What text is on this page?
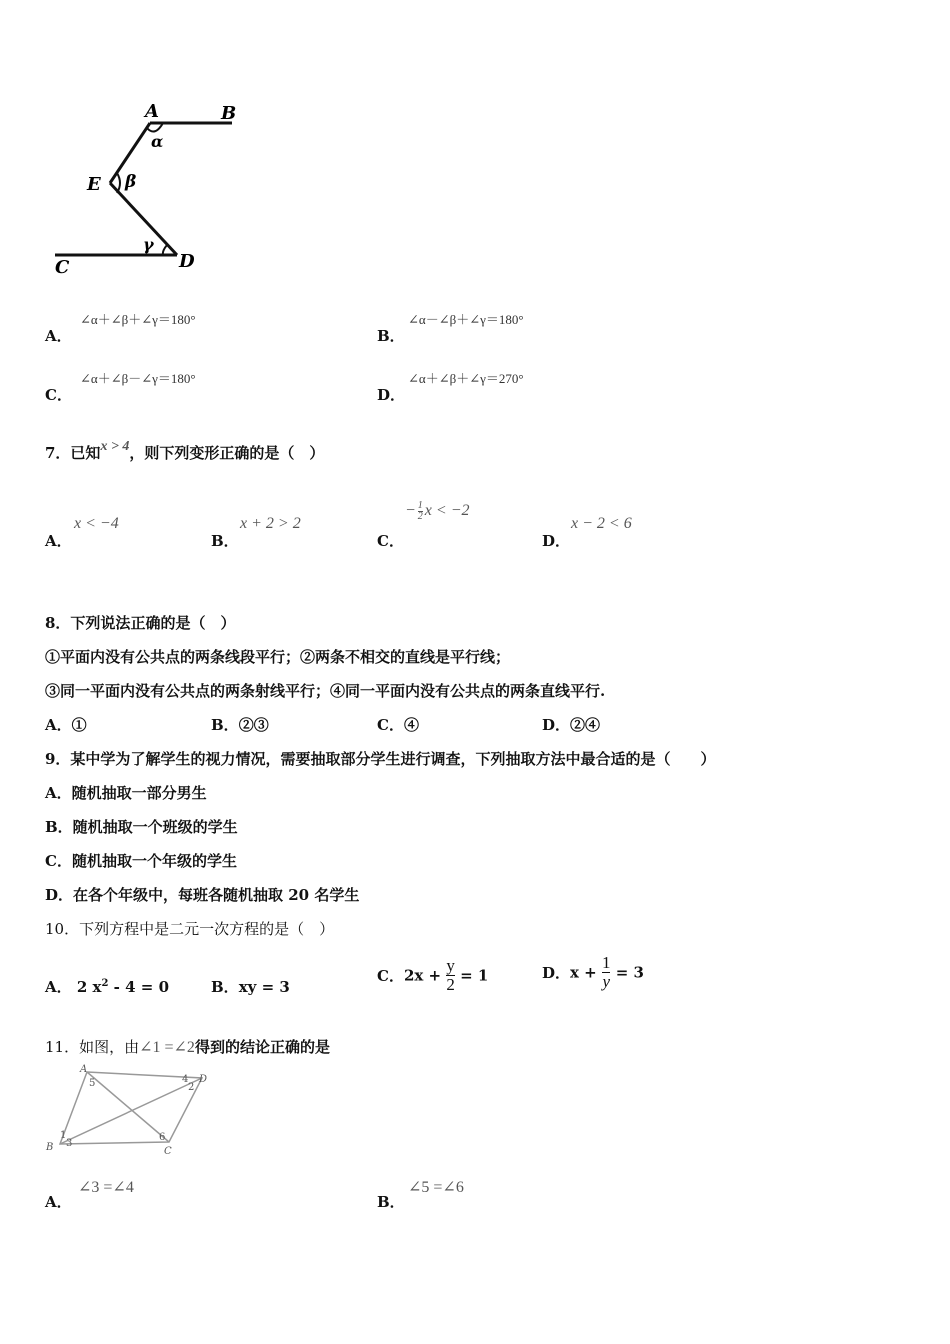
A	B
α
E β
γ
C	D
A．
∠α＋∠β＋∠γ＝180°
B．
∠α－∠β＋∠γ＝180°
C．
∠α＋∠β－∠γ＝180°
D．
∠α＋∠β＋∠γ＝270°
7．已知x > 4，则下列变形正确的是（　）
A．
x < −4
B．
x + 2 > 2
C．
− $\frac{1}{2}$ x < −2
D．
x − 2 < 6
8．下列说法正确的是（　）
①平面内没有公共点的两条线段平行；②两条不相交的直线是平行线；
③同一平面内没有公共点的两条射线平行；④同一平面内没有公共点的两条直线平行.
A．①	B．②③	C．④	D．②④
9．某中学为了解学生的视力情况，需要抽取部分学生进行调查，下列抽取方法中最合适的是（　　）
A．随机抽取一部分男生
B．随机抽取一个班级的学生
C．随机抽取一个年级的学生
D．在各个年级中，每班各随机抽取 20 名学生
10．下列方程中是二元一次方程的是（　）
A． 2 $x^2 - 4 = 0$	B．xy = 3
C．$2x + \frac{y}{2} = 1$	D．$x + \frac{1}{y} = 3$
11．如图，由∠1 =∠2得到的结论正确的是
A
D
B	C
5	4
2
1
3
6
A．
∠3 =∠4
B．
∠5 =∠6
